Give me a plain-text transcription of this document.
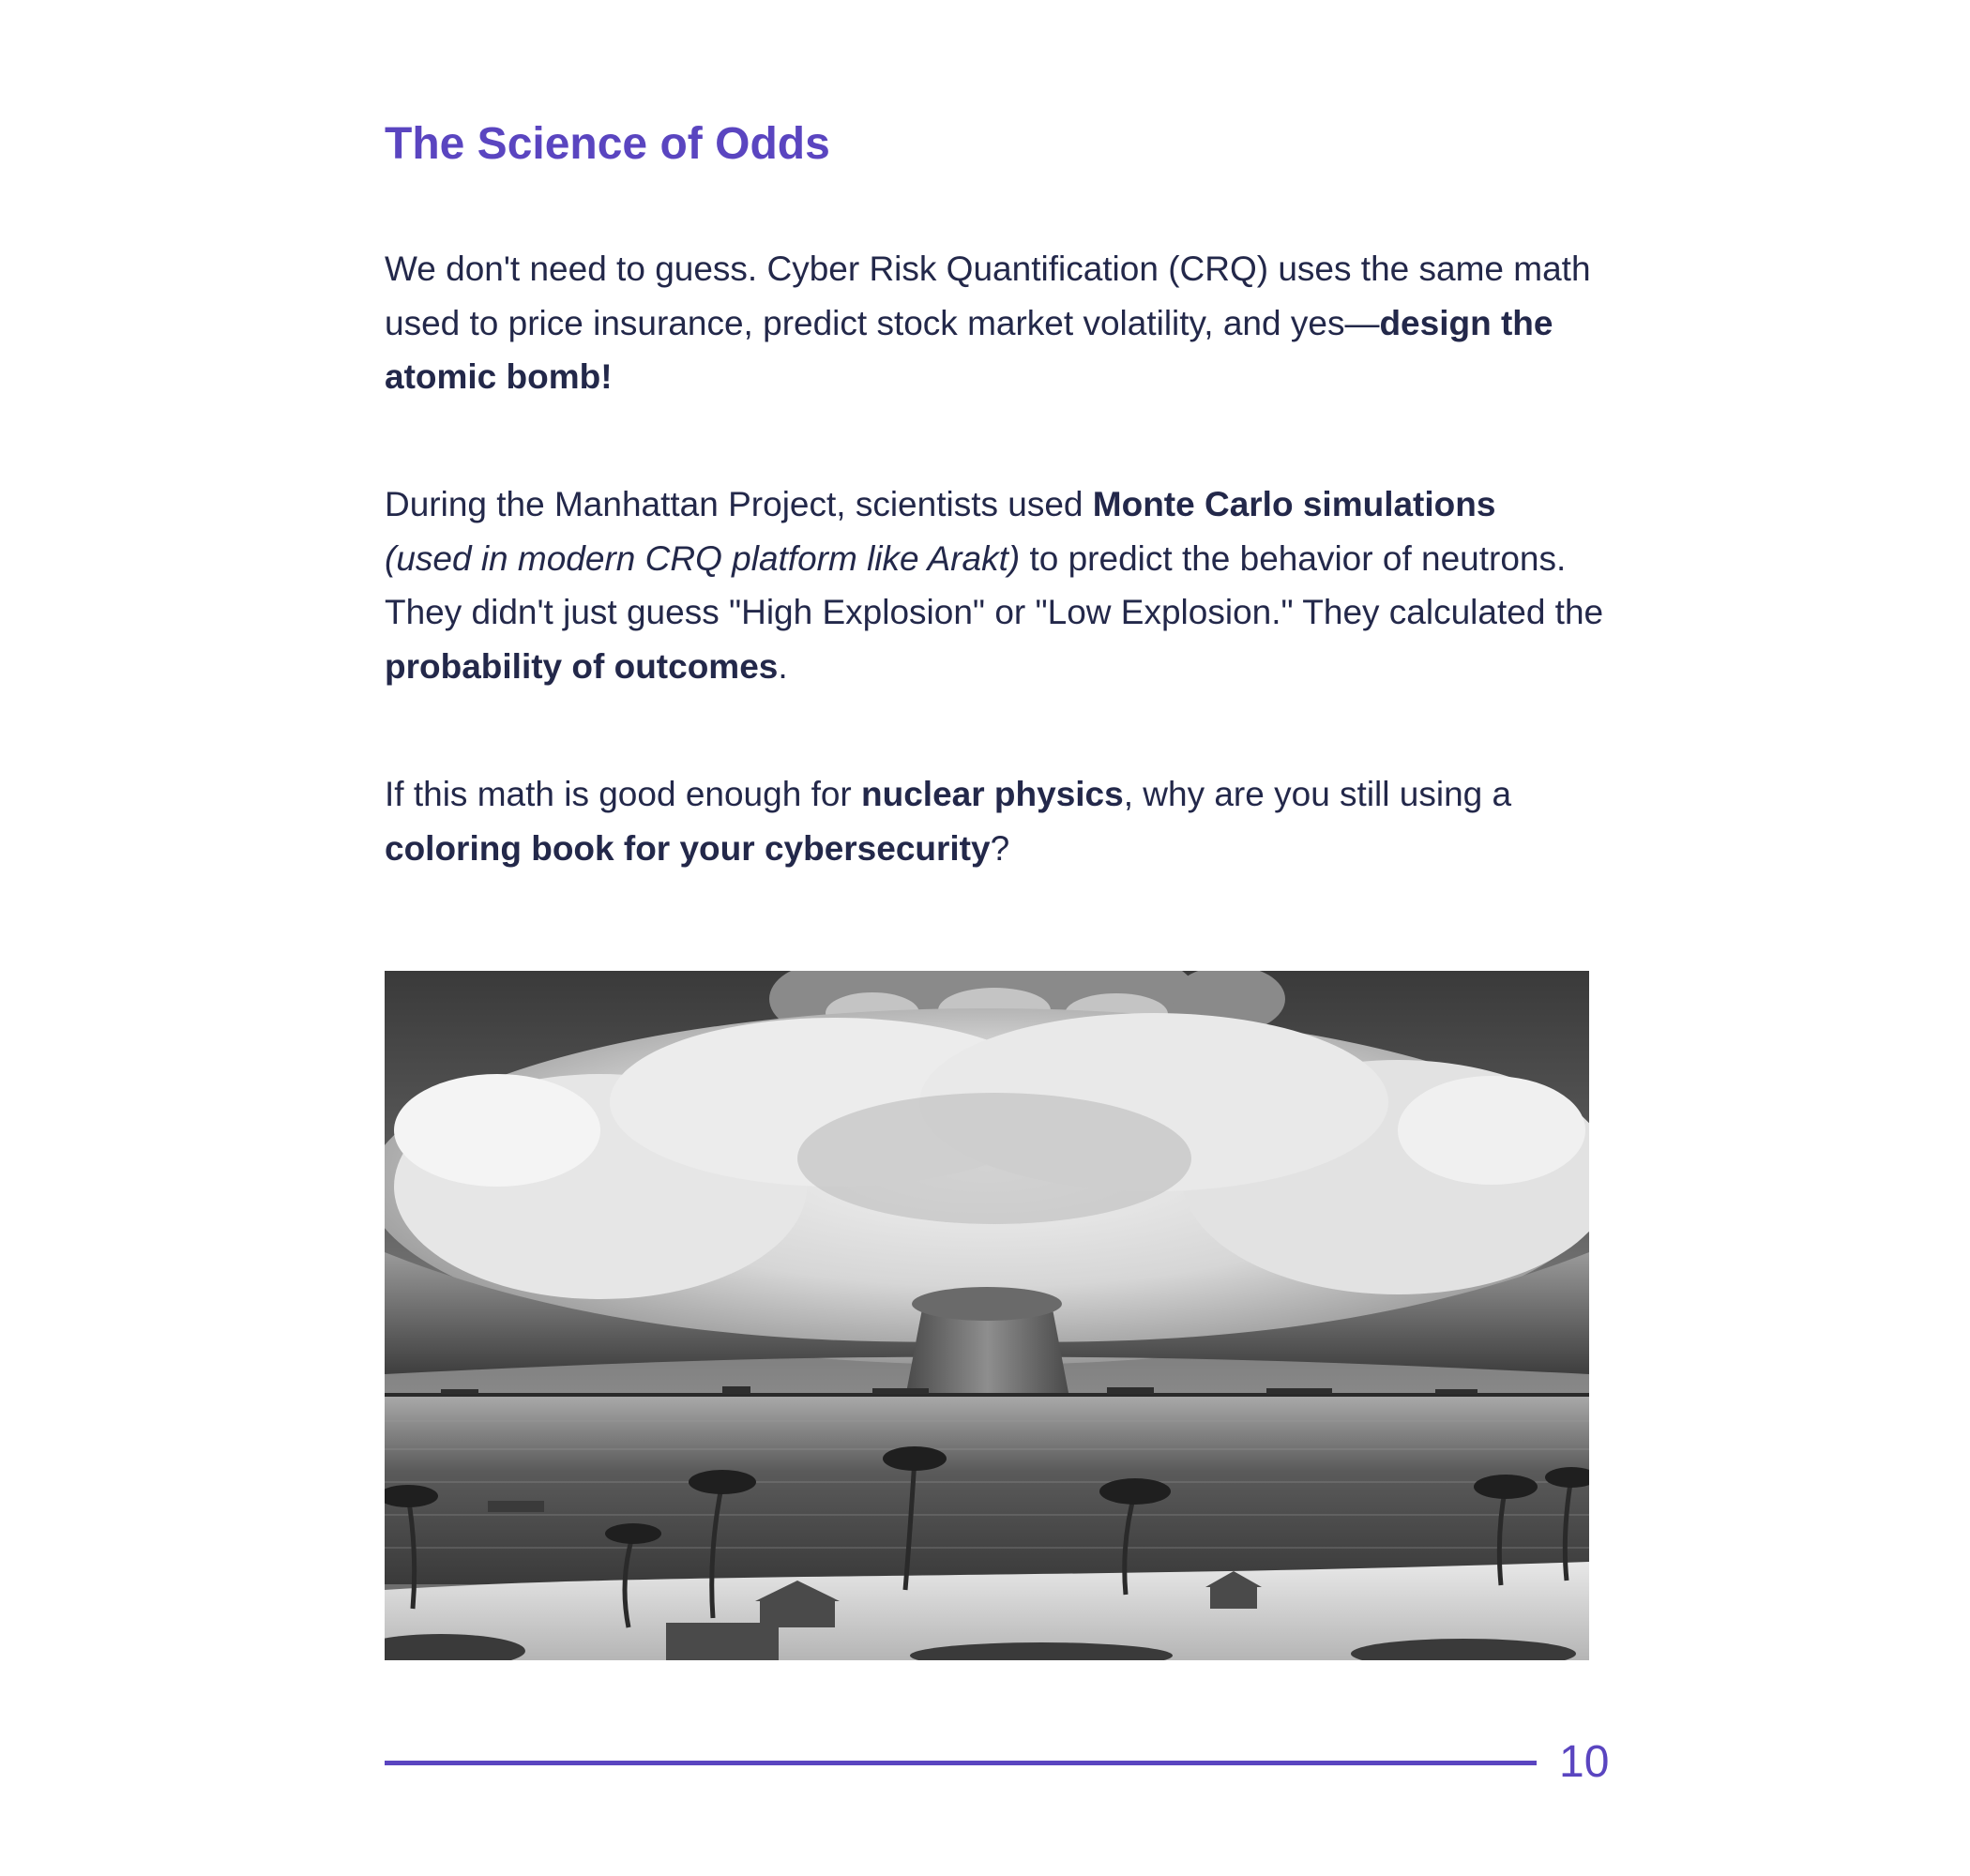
The Science of Odds

We don't need to guess. Cyber Risk Quantification (CRQ) uses the same math used to price insurance, predict stock market volatility, and yes—design the atomic bomb!

During the Manhattan Project, scientists used Monte Carlo simulations
(used in modern CRQ platform like Arakt) to predict the behavior of neutrons. They didn't just guess "High Explosion" or "Low Explosion." They calculated the probability of outcomes.

If this math is good enough for nuclear physics, why are you still using a coloring book for your cybersecurity?

10
